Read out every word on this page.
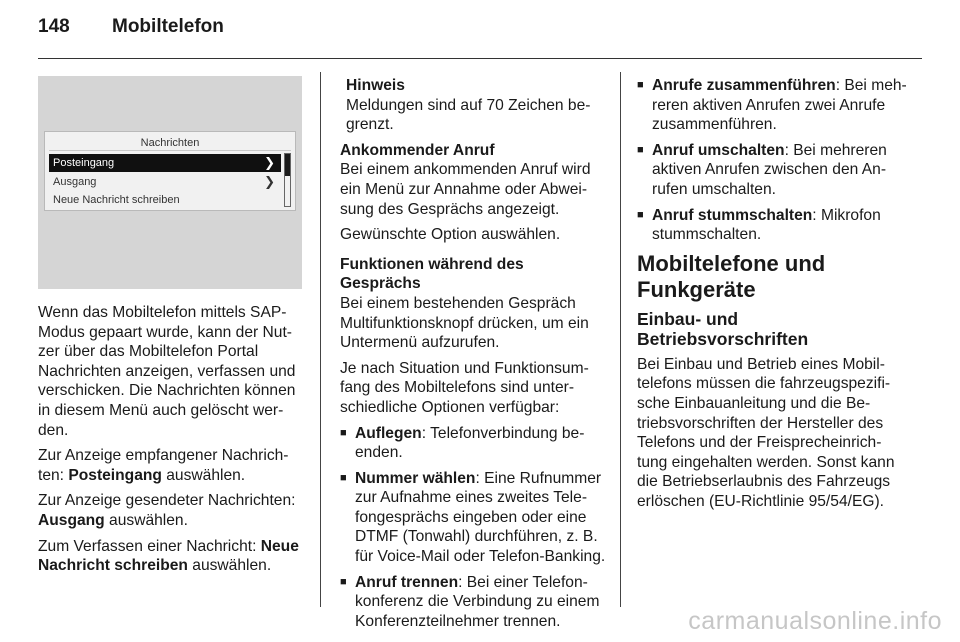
148 Mobiltelefon
Nachrichten
Posteingang	❯
Ausgang	❯
Neue Nachricht schreiben

Wenn das Mobiltelefon mittels SAP-Modus gepaart wurde, kann der Nut-zer über das Mobiltelefon Portal Nachrichten anzeigen, verfassen und verschicken. Die Nachrichten können in diesem Menü auch gelöscht wer-den.

Zur Anzeige empfangener Nachrich-ten: Posteingang auswählen.

Zur Anzeige gesendeter Nachrichten: Ausgang auswählen.

Zum Verfassen einer Nachricht: Neue Nachricht schreiben auswählen.

Hinweis

Meldungen sind auf 70 Zeichen be-grenzt.

Ankommender Anruf

Bei einem ankommenden Anruf wird ein Menü zur Annahme oder Abwei-sung des Gesprächs angezeigt.

Gewünschte Option auswählen.

Funktionen während des Gesprächs

Bei einem bestehenden Gespräch Multifunktionsknopf drücken, um ein Untermenü aufzurufen.

Je nach Situation und Funktionsum-fang des Mobiltelefons sind unter-schiedliche Optionen verfügbar:

■ Auflegen: Telefonverbindung be-enden.
■ Nummer wählen: Eine Rufnummer zur Aufnahme eines zweites Tele-fongesprächs eingeben oder eine DTMF (Tonwahl) durchführen, z. B. für Voice-Mail oder Telefon-Banking.
■ Anruf trennen: Bei einer Telefon-konferenz die Verbindung zu einem Konferenzteilnehmer trennen.
■ Anrufe zusammenführen: Bei meh-reren aktiven Anrufen zwei Anrufe zusammenführen.
■ Anruf umschalten: Bei mehreren aktiven Anrufen zwischen den An-rufen umschalten.
■ Anruf stummschalten: Mikrofon stummschalten.

Mobiltelefone und Funkgeräte

Einbau- und Betriebsvorschriften

Bei Einbau und Betrieb eines Mobil-telefons müssen die fahrzeugspezifi-sche Einbauanleitung und die Be-triebsvorschriften der Hersteller des Telefons und der Freisprecheinrich-tung eingehalten werden. Sonst kann die Betriebserlaubnis des Fahrzeugs erlöschen (EU-Richtlinie 95/54/EG).

carmanualsonline.info
